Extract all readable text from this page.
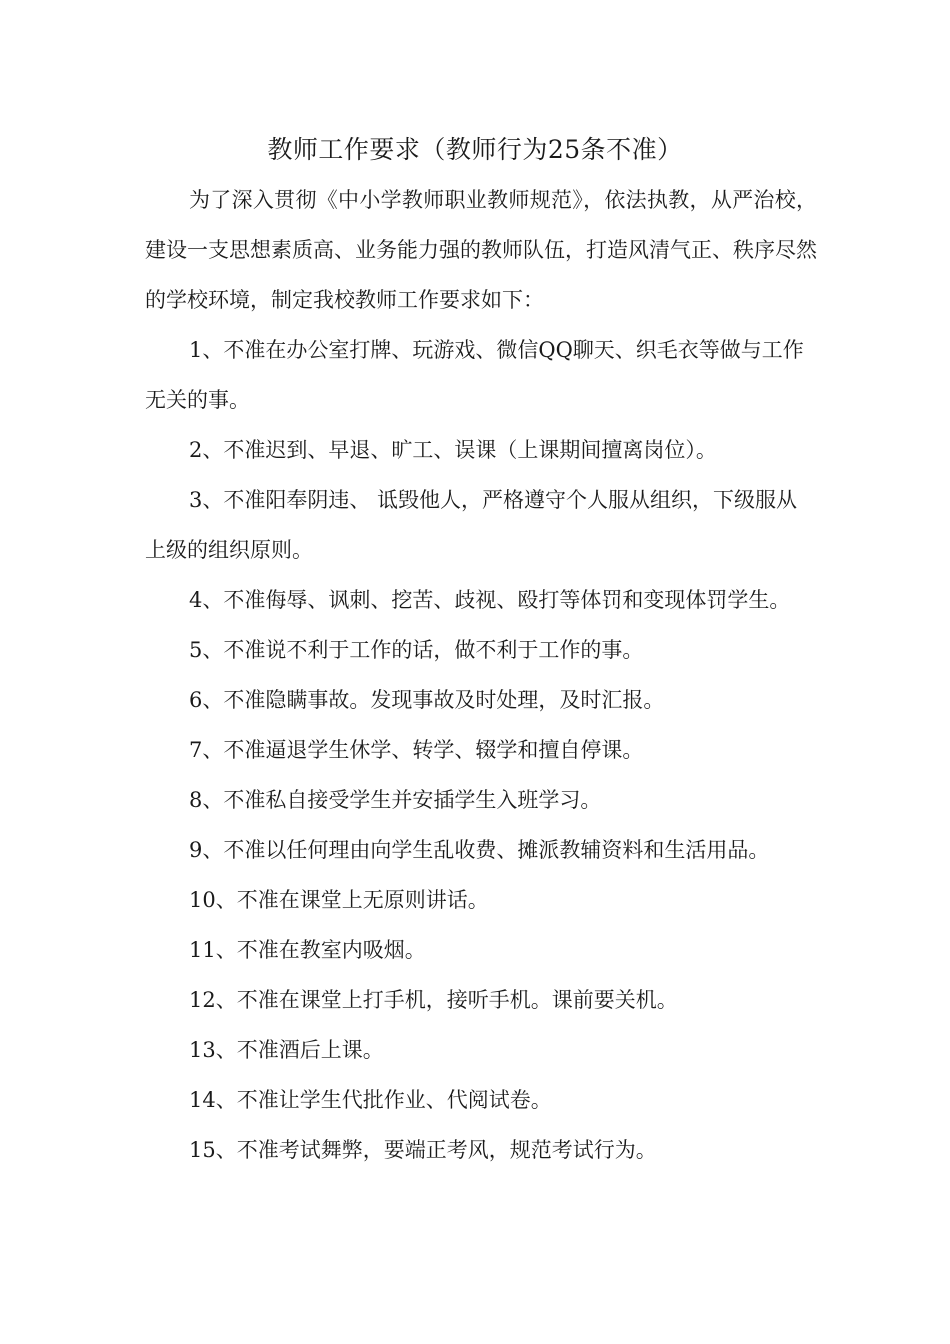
教师工作要求（教师行为25条不准）

为了深入贯彻《中小学教师职业教师规范》，依法执教，从严治校，建设一支思想素质高、业务能力强的教师队伍，打造风清气正、秩序尽然的学校环境，制定我校教师工作要求如下：

1、不准在办公室打牌、玩游戏、微信QQ聊天、织毛衣等做与工作无关的事。

2、不准迟到、早退、旷工、误课（上课期间擅离岗位）。

3、不准阳奉阴违、 诋毁他人，严格遵守个人服从组织，下级服从上级的组织原则。

4、不准侮辱、讽刺、挖苦、歧视、殴打等体罚和变现体罚学生。

5、不准说不利于工作的话，做不利于工作的事。

6、不准隐瞒事故。发现事故及时处理，及时汇报。

7、不准逼退学生休学、转学、辍学和擅自停课。

8、不准私自接受学生并安插学生入班学习。

9、不准以任何理由向学生乱收费、摊派教辅资料和生活用品。

10、不准在课堂上无原则讲话。

11、不准在教室内吸烟。

12、不准在课堂上打手机，接听手机。课前要关机。

13、不准酒后上课。

14、不准让学生代批作业、代阅试卷。

15、不准考试舞弊，要端正考风，规范考试行为。
